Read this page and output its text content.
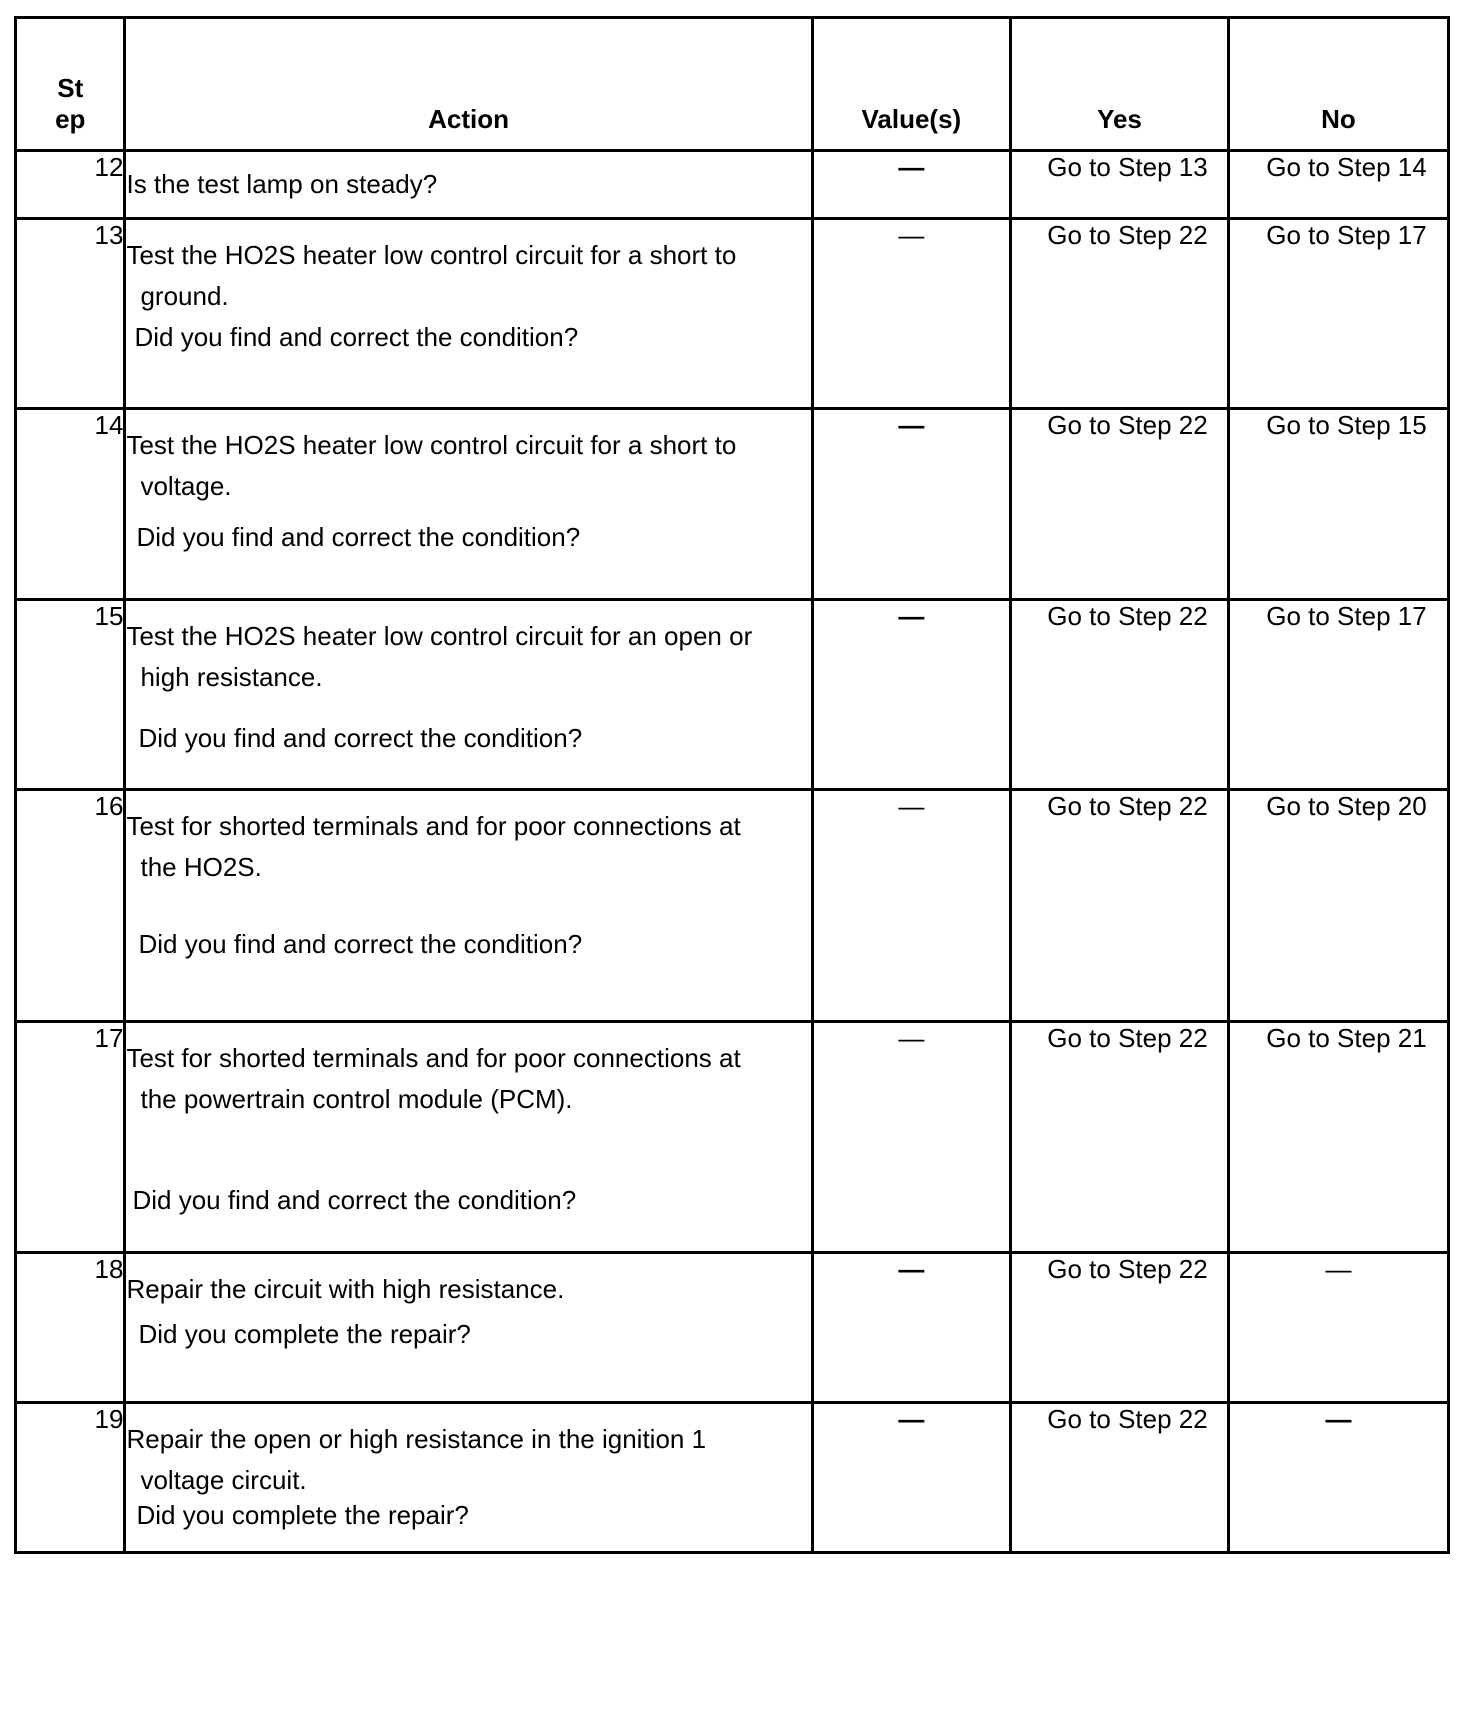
St
ep	Action	Value(s)	Yes	No
12	Is the test lamp on steady?	—	Go to Step 13	Go to Step 14
13	Test the HO2S heater low control circuit for a short to
ground.
Did you find and correct the condition?	—	Go to Step 22	Go to Step 17
14	Test the HO2S heater low control circuit for a short to
voltage.
Did you find and correct the condition?	—	Go to Step 22	Go to Step 15
15	Test the HO2S heater low control circuit for an open or
high resistance.
Did you find and correct the condition?	—	Go to Step 22	Go to Step 17
16	Test for shorted terminals and for poor connections at
the HO2S.
Did you find and correct the condition?	—	Go to Step 22	Go to Step 20
17	Test for shorted terminals and for poor connections at
the powertrain control module (PCM).
Did you find and correct the condition?	—	Go to Step 22	Go to Step 21
18	Repair the circuit with high resistance.
Did you complete the repair?	—	Go to Step 22	—
19	Repair the open or high resistance in the ignition 1
voltage circuit.
Did you complete the repair?	—	Go to Step 22	—
